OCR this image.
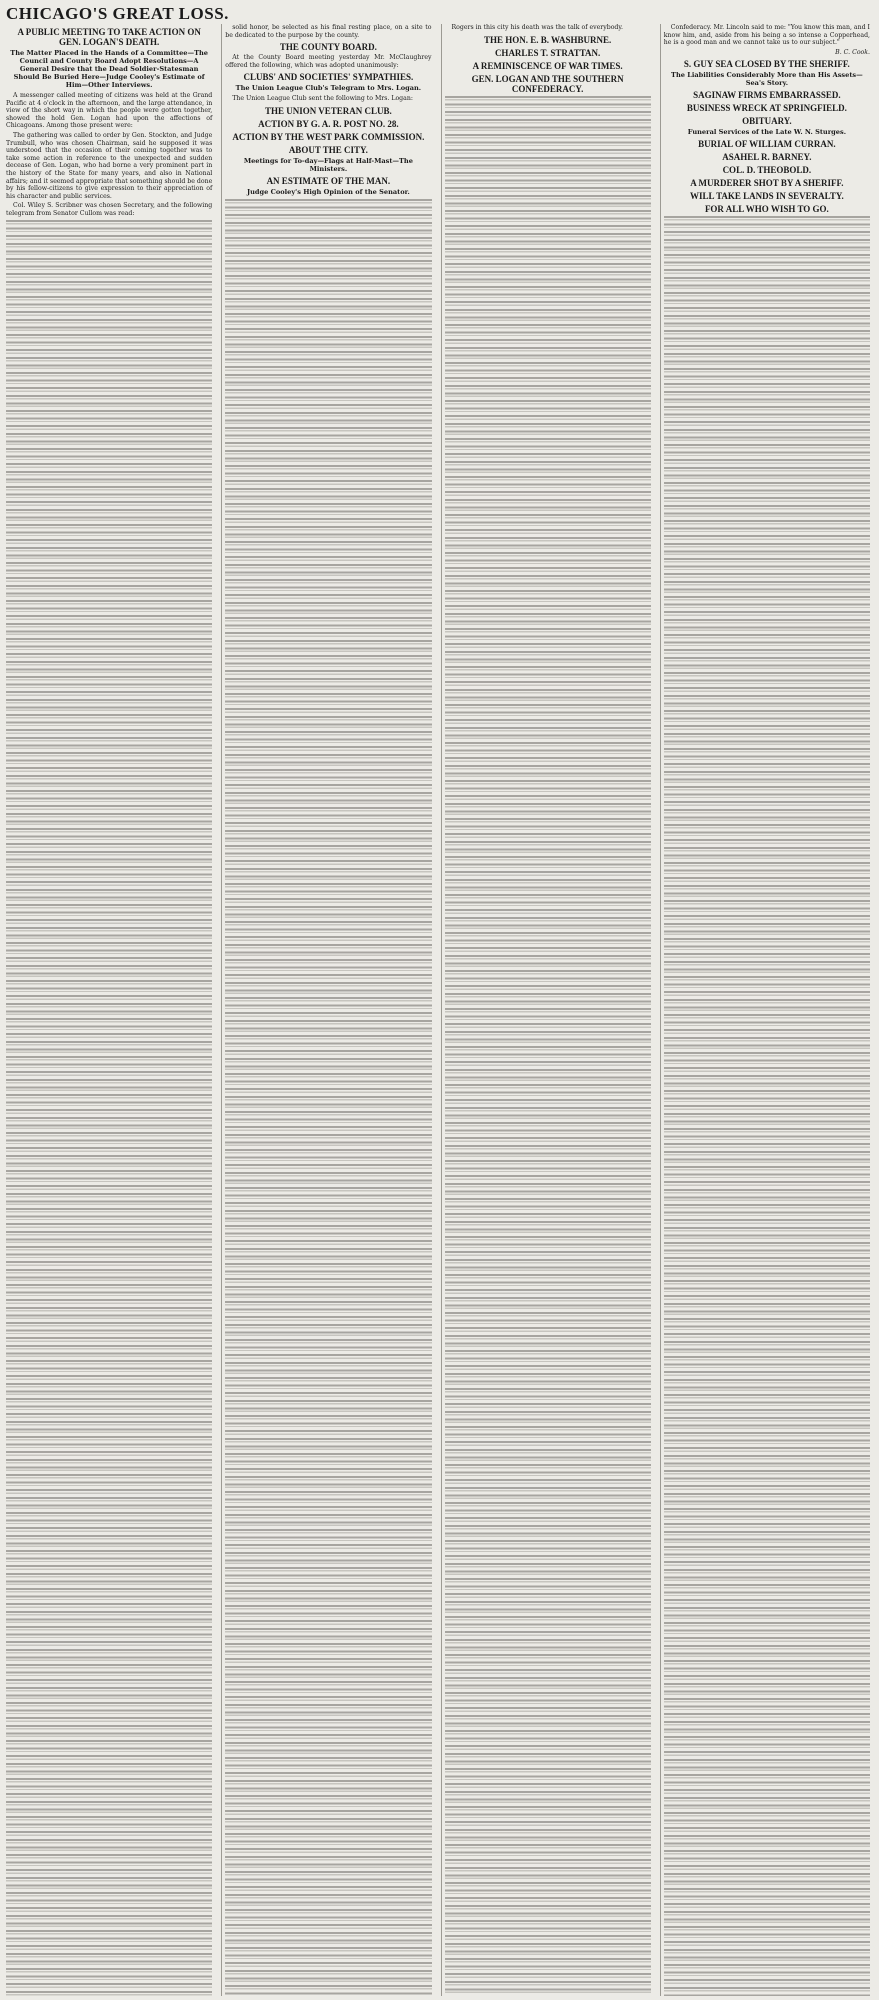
CHICAGO'S GREAT LOSS.
A PUBLIC MEETING TO TAKE ACTION ON GEN. LOGAN'S DEATH.
The Matter Placed in the Hands of a Committee—The Council and County Board Adopt Resolutions—A General Desire that the Dead Soldier-Statesman Should Be Buried Here—Judge Cooley's Estimate of Him—Other Interviews.

A messenger called meeting of citizens was held at the Grand Pacific at 4 o'clock in the afternoon, and the large attendance, in view of the short way in which the people were gotten together, showed the hold Gen. Logan had upon the affections of Chicagoans. Among those present were:

The gathering was called to order by Gen. Stockton, and Judge Trumbull, who was chosen Chairman, said he supposed it was understood that the occasion of their coming together was to take some action in reference to the unexpected and sudden decease of Gen. Logan, who had borne a very prominent part in the history of the State for many years, and also in National affairs; and it seemed appropriate that something should be done by his fellow-citizens to give expression to their appreciation of his character and public services.

Col. Wiley S. Scribner was chosen Secretary, and the following telegram from Senator Cullom was read:

solid honor, be selected as his final resting place, on a site to be dedicated to the purpose by the county.

THE COUNTY BOARD.

At the County Board meeting yesterday Mr. McClaughrey offered the following, which was adopted unanimously:

CLUBS' AND SOCIETIES' SYMPATHIES.
The Union League Club's Telegram to Mrs. Logan.

The Union League Club sent the following to Mrs. Logan:

THE UNION VETERAN CLUB.
ACTION BY G. A. R. POST NO. 28.
ACTION BY THE WEST PARK COMMISSION.
ABOUT THE CITY.
Meetings for To-day—Flags at Half-Mast—The Ministers.
AN ESTIMATE OF THE MAN.
Judge Cooley's High Opinion of the Senator.

Rogers in this city his death was the talk of everybody.

THE HON. E. B. WASHBURNE.
CHARLES T. STRATTAN.
A REMINISCENCE OF WAR TIMES.
GEN. LOGAN AND THE SOUTHERN CONFEDERACY.

Confederacy. Mr. Lincoln said to me: "You know this man, and I know him, and, aside from his being a so intense a Copperhead, he is a good man and we cannot take us to our subject."

B. C. Cook.

S. GUY SEA CLOSED BY THE SHERIFF.
The Liabilities Considerably More than His Assets—Sea's Story.
SAGINAW FIRMS EMBARRASSED.
BUSINESS WRECK AT SPRINGFIELD.
OBITUARY.
Funeral Services of the Late W. N. Sturges.
BURIAL OF WILLIAM CURRAN.
ASAHEL R. BARNEY.
COL. D. THEOBOLD.
A MURDERER SHOT BY A SHERIFF.
WILL TAKE LANDS IN SEVERALTY.
FOR ALL WHO WISH TO GO.
